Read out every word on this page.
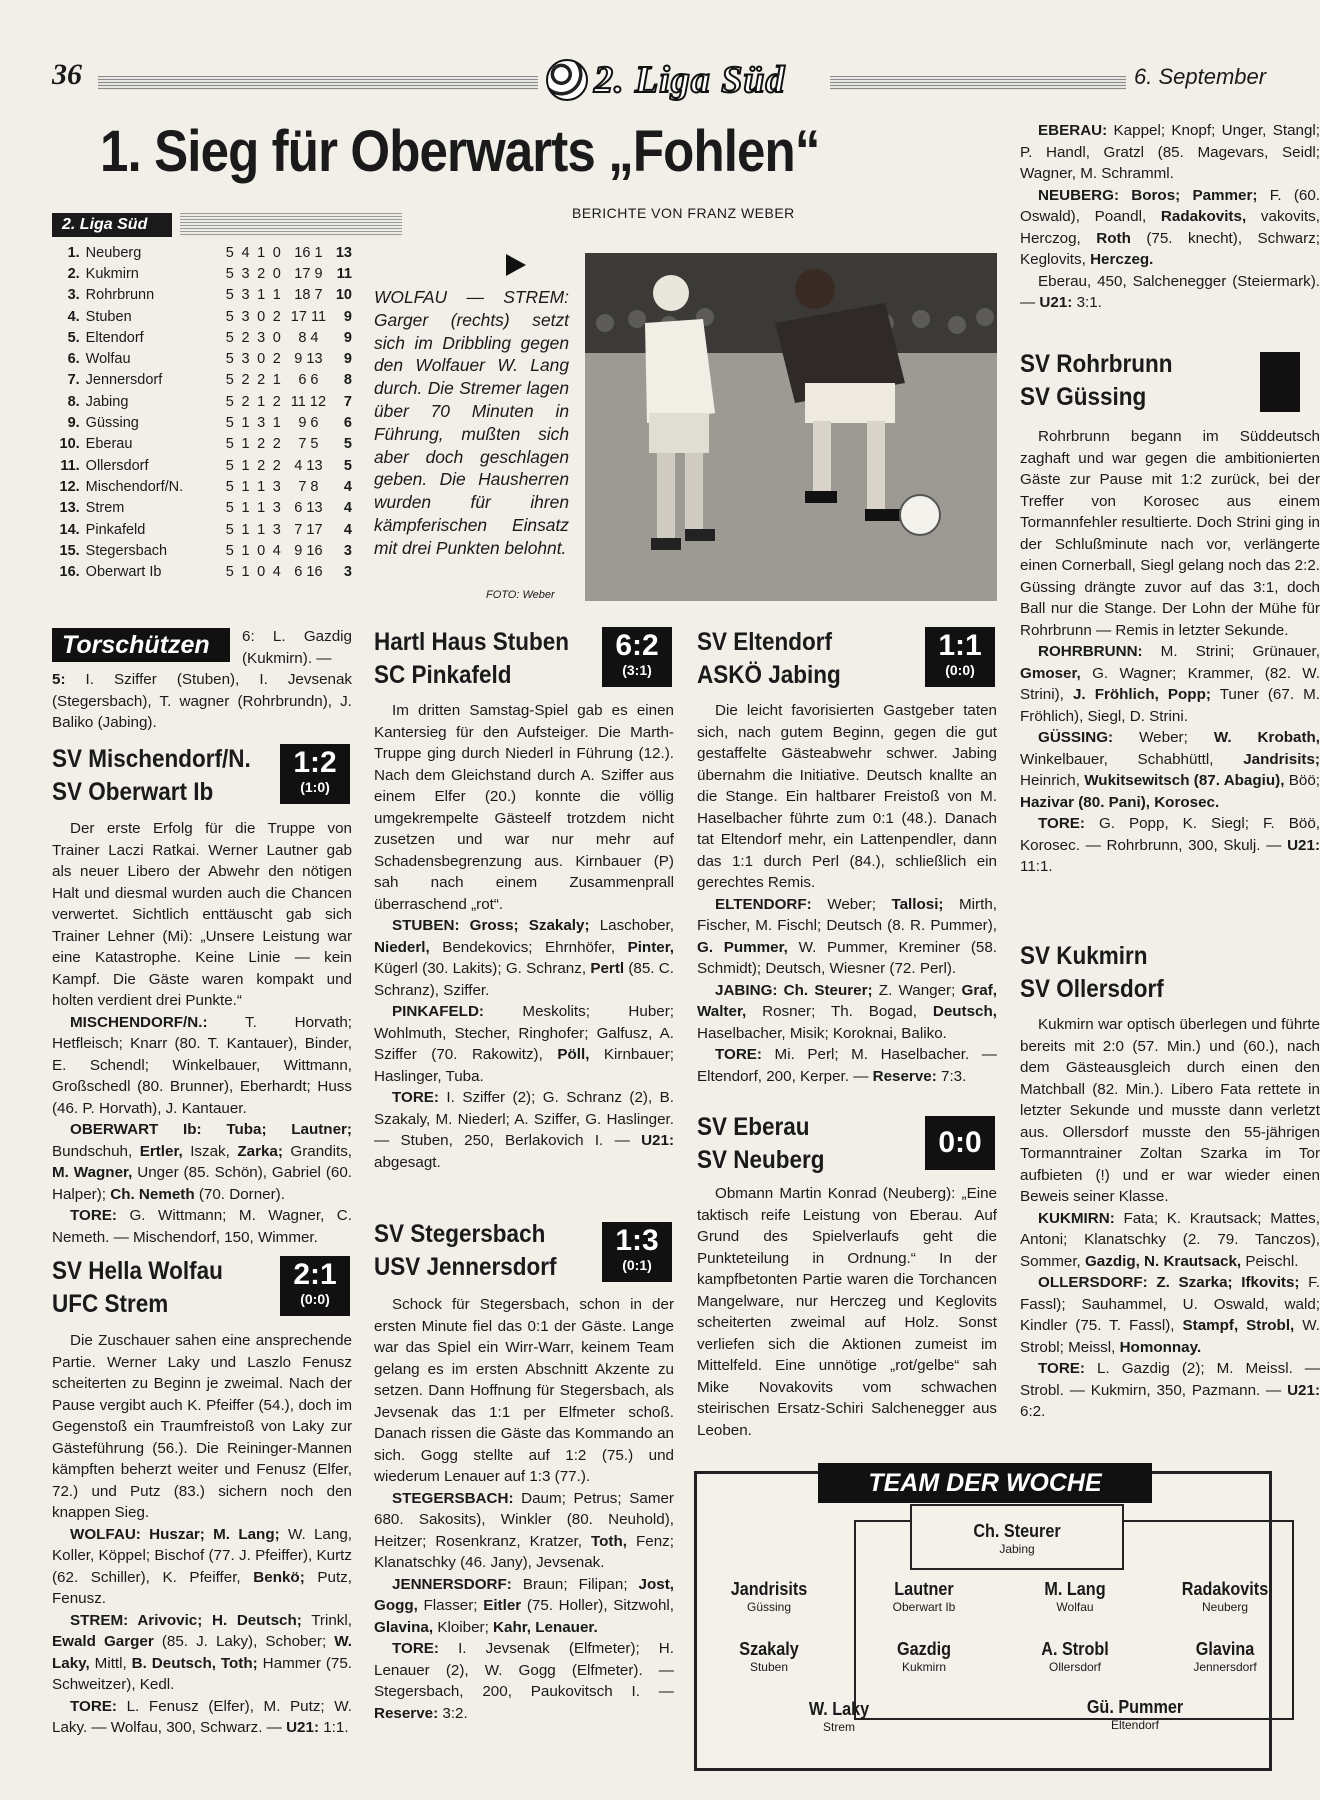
36	2. Liga Süd	6. September
1. Sieg für Oberwarts „Fohlen“
BERICHTE VON FRANZ WEBER
2. Liga Süd
1.	Neuberg	5	4	1	0	16 1	13
2.	Kukmirn	5	3	2	0	17 9	11
3.	Rohrbrunn	5	3	1	1	18 7	10
4.	Stuben	5	3	0	2	17 11	9
5.	Eltendorf	5	2	3	0	8 4	9
6.	Wolfau	5	3	0	2	9 13	9
7.	Jennersdorf	5	2	2	1	6 6	8
8.	Jabing	5	2	1	2	11 12	7
9.	Güssing	5	1	3	1	9 6	6
10.	Eberau	5	1	2	2	7 5	5
11.	Ollersdorf	5	1	2	2	4 13	5
12.	Mischendorf/N.	5	1	1	3	7 8	4
13.	Strem	5	1	1	3	6 13	4
14.	Pinkafeld	5	1	1	3	7 17	4
15.	Stegersbach	5	1	0	4	9 16	3
16.	Oberwart Ib	5	1	0	4	6 16	3
Torschützen	6: L. Gazdig (Kukmirn). —

5: I. Sziffer (Stuben), I. Jevsenak (Stegersbach), T. wagner (Rohrbrundn), J. Baliko (Jabing).

SV Mischendorf/N.
SV Oberwart Ib
1:2
(1:0)

Der erste Erfolg für die Truppe von Trainer Laczi Ratkai. Werner Lautner gab als neuer Libero der Abwehr den nötigen Halt und diesmal wurden auch die Chancen verwertet. Sichtlich enttäuscht gab sich Trainer Lehner (Mi): „Unsere Leistung war eine Katastrophe. Keine Linie — kein Kampf. Die Gäste waren kompakt und holten verdient drei Punkte.“

MISCHENDORF/N.: T. Horvath; Hetfleisch; Knarr (80. T. Kantauer), Binder, E. Schendl; Winkelbauer, Wittmann, Großschedl (80. Brunner), Eberhardt; Huss (46. P. Horvath), J. Kantauer.

OBERWART Ib: Tuba; Lautner; Bundschuh, Ertler, Iszak, Zarka; Grandits, M. Wagner, Unger (85. Schön), Gabriel (60. Halper); Ch. Nemeth (70. Dorner).

TORE: G. Wittmann; M. Wagner, C. Nemeth. — Mischendorf, 150, Wimmer.

SV Hella Wolfau
UFC Strem
2:1
(0:0)

Die Zuschauer sahen eine ansprechende Partie. Werner Laky und Laszlo Fenusz scheiterten zu Beginn je zweimal. Nach der Pause vergibt auch K. Pfeiffer (54.), doch im Gegenstoß ein Traumfreistoß von Laky zur Gästeführung (56.). Die Reininger-Mannen kämpften beherzt weiter und Fenusz (Elfer, 72.) und Putz (83.) sichern noch den knappen Sieg.

WOLFAU: Huszar; M. Lang; W. Lang, Koller, Köppel; Bischof (77. J. Pfeiffer), Kurtz (62. Schiller), K. Pfeiffer, Benkö; Putz, Fenusz.

STREM: Arivovic; H. Deutsch; Trinkl, Ewald Garger (85. J. Laky), Schober; W. Laky, Mittl, B. Deutsch, Toth; Hammer (75. Schweitzer), Kedl.

TORE: L. Fenusz (Elfer), M. Putz; W. Laky. — Wolfau, 300, Schwarz. — U21: 1:1.

WOLFAU — STREM: Garger (rechts) setzt sich im Dribbling gegen den Wolfauer W. Lang durch. Die Stremer lagen über 70 Minuten in Führung, mußten sich aber doch geschlagen geben. Die Hausherren wurden für ihren kämpferischen Einsatz mit drei Punkten belohnt.
FOTO: Weber
Hartl Haus Stuben
SC Pinkafeld
6:2
(3:1)

Im dritten Samstag-Spiel gab es einen Kantersieg für den Aufsteiger. Die Marth-Truppe ging durch Niederl in Führung (12.). Nach dem Gleichstand durch A. Sziffer aus einem Elfer (20.) konnte die völlig umgekrempelte Gästeelf trotzdem nicht zusetzen und war nur mehr auf Schadensbegrenzung aus. Kirnbauer (P) sah nach einem Zusammenprall überraschend „rot“.

STUBEN: Gross; Szakaly; Laschober, Niederl, Bendekovics; Ehrnhöfer, Pinter, Kügerl (30. Lakits); G. Schranz, Pertl (85. C. Schranz), Sziffer.

PINKAFELD: Meskolits; Huber; Wohlmuth, Stecher, Ringhofer; Galfusz, A. Sziffer (70. Rakowitz), Pöll, Kirnbauer; Haslinger, Tuba.

TORE: I. Sziffer (2); G. Schranz (2), B. Szakaly, M. Niederl; A. Sziffer, G. Haslinger. — Stuben, 250, Berlakovich I. — U21: abgesagt.

SV Stegersbach
USV Jennersdorf
1:3
(0:1)

Schock für Stegersbach, schon in der ersten Minute fiel das 0:1 der Gäste. Lange war das Spiel ein Wirr-Warr, keinem Team gelang es im ersten Abschnitt Akzente zu setzen. Dann Hoffnung für Stegersbach, als Jevsenak das 1:1 per Elfmeter schoß. Danach rissen die Gäste das Kommando an sich. Gogg stellte auf 1:2 (75.) und wiederum Lenauer auf 1:3 (77.).

STEGERSBACH: Daum; Petrus; Samer 680. Sakosits), Winkler (80. Neuhold), Heitzer; Rosenkranz, Kratzer, Toth, Fenz; Klanatschky (46. Jany), Jevsenak.

JENNERSDORF: Braun; Filipan; Jost, Gogg, Flasser; Eitler (75. Holler), Sitzwohl, Glavina, Kloiber; Kahr, Lenauer.

TORE: I. Jevsenak (Elfmeter); H. Lenauer (2), W. Gogg (Elfmeter). — Stegersbach, 200, Paukovitsch I. — Reserve: 3:2.

SV Eltendorf
ASKÖ Jabing
1:1
(0:0)

Die leicht favorisierten Gastgeber taten sich, nach gutem Beginn, gegen die gut gestaffelte Gästeabwehr schwer. Jabing übernahm die Initiative. Deutsch knallte an die Stange. Ein haltbarer Freistoß von M. Haselbacher führte zum 0:1 (48.). Danach tat Eltendorf mehr, ein Lattenpendler, dann das 1:1 durch Perl (84.), schließlich ein gerechtes Remis.

ELTENDORF: Weber; Tallosi; Mirth, Fischer, M. Fischl; Deutsch (8. R. Pummer), G. Pummer, W. Pummer, Kreminer (58. Schmidt); Deutsch, Wiesner (72. Perl).

JABING: Ch. Steurer; Z. Wanger; Graf, Walter, Rosner; Th. Bogad, Deutsch, Haselbacher, Misik; Koroknai, Baliko.

TORE: Mi. Perl; M. Haselbacher. — Eltendorf, 200, Kerper. — Reserve: 7:3.

SV Eberau
SV Neuberg
0:0

Obmann Martin Konrad (Neuberg): „Eine taktisch reife Leistung von Eberau. Auf Grund des Spielverlaufs geht die Punkteteilung in Ordnung.“ In der kampfbetonten Partie waren die Torchancen Mangelware, nur Herczeg und Keglovits scheiterten zweimal auf Holz. Sonst verliefen sich die Aktionen zumeist im Mittelfeld. Eine unnötige „rot/gelbe“ sah Mike Novakovits vom schwachen steirischen Ersatz-Schiri Salchenegger aus Leoben.

EBERAU: Kappel; Knopf; Unger, Stangl; P. Handl, Gratzl (85. Magevars, Seidl; Wagner, M. Schramml.

NEUBERG: Boros; Pammer; F. (60. Oswald), Poandl, Radakovits, vakovits, Herczog, Roth (75. knecht), Schwarz; Keglovits, Herczeg.

Eberau, 450, Salchenegger (Steiermark). — U21: 3:1.

SV Rohrbrunn
SV Güssing

Rohrbrunn begann im Süddeutsch zaghaft und war gegen die ambitionierten Gäste zur Pause mit 1:2 zurück, bei der Treffer von Korosec aus einem Tormannfehler resultierte. Doch Strini ging in der Schlußminute nach vor, verlängerte einen Cornerball, Siegl gelang noch das 2:2. Güssing drängte zuvor auf das 3:1, doch Ball nur die Stange. Der Lohn der Mühe für Rohrbrunn — Remis in letzter Sekunde.

ROHRBRUNN: M. Strini; Grünauer, Gmoser, G. Wagner; Krammer, (82. W. Strini), J. Fröhlich, Popp; Tuner (67. M. Fröhlich), Siegl, D. Strini.

GÜSSING: Weber; W. Krobath, Winkelbauer, Schabhüttl, Jandrisits; Heinrich, Wukitsewitsch (87. Abagiu), Böö; Hazivar (80. Pani), Korosec.

TORE: G. Popp, K. Siegl; F. Böö, Korosec. — Rohrbrunn, 300, Skulj. — U21: 11:1.

SV Kukmirn
SV Ollersdorf

Kukmirn war optisch überlegen und führte bereits mit 2:0 (57. Min.) und (60.), nach dem Gästeausgleich durch einen den Matchball (82. Min.). Libero Fata rettete in letzter Sekunde und musste dann verletzt aus. Ollersdorf musste den 55-jährigen Tormanntrainer Zoltan Szarka im Tor aufbieten (!) und er war wieder einen Beweis seiner Klasse.

KUKMIRN: Fata; K. Krautsack; Mattes, Antoni; Klanatschky (2. 79. Tanczos), Sommer, Gazdig, N. Krautsack, Peischl.

OLLERSDORF: Z. Szarka; Ifkovits; F. Fassl); Sauhammel, U. Oswald, wald; Kindler (75. T. Fassl), Stampf, Strobl, W. Strobl; Meissl, Homonnay.

TORE: L. Gazdig (2); M. Meissl. — Strobl. — Kukmirn, 350, Pazmann. — U21: 6:2.

Ch. Steurer
Jabing
Jandrisits
Güssing
Lautner
Oberwart Ib
M. Lang
Wolfau
Radakovits
Neuberg
Szakaly
Stuben
Gazdig
Kukmirn
A. Strobl
Ollersdorf
Glavina
Jennersdorf
W. Laky
Strem
Gü. Pummer
Eltendorf
TEAM DER WOCHE
